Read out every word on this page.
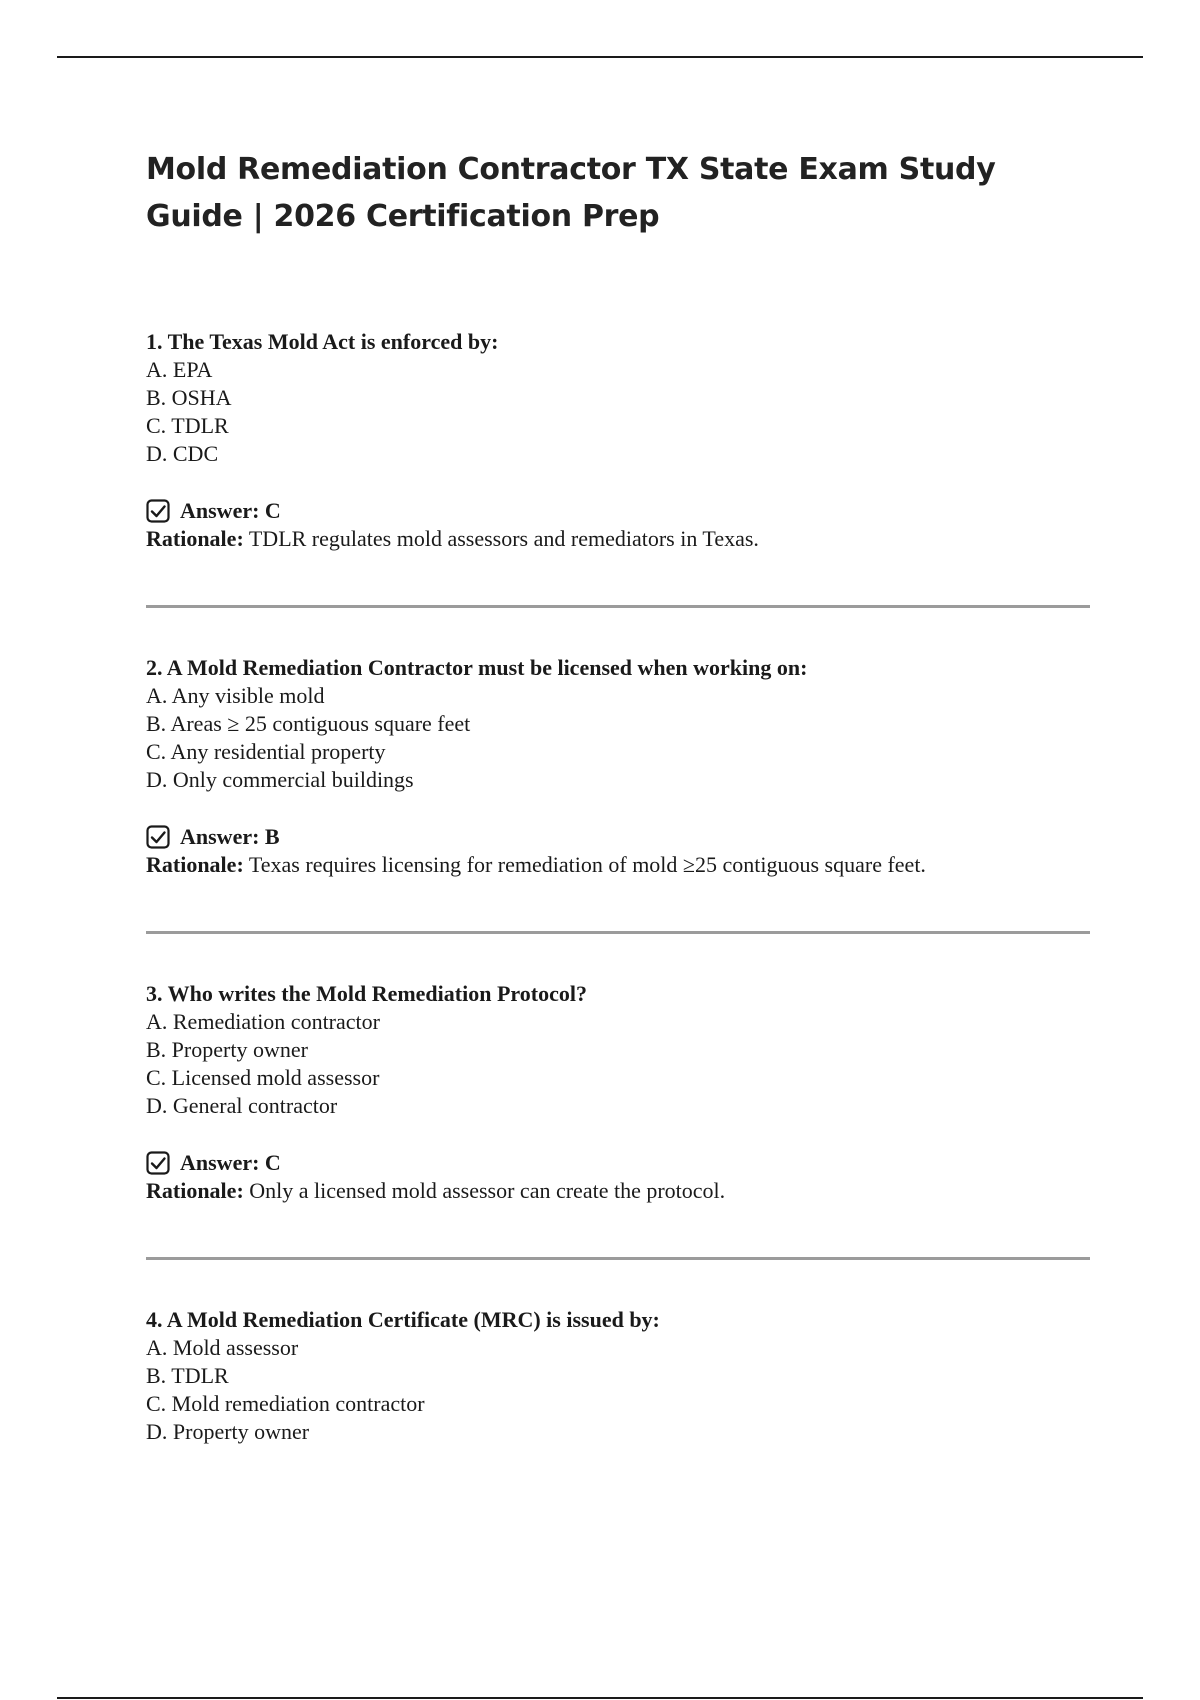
Mold Remediation Contractor TX State Exam Study Guide | 2026 Certification Prep
1. The Texas Mold Act is enforced by:
A. EPA
B. OSHA
C. TDLR
D. CDC
Answer: C
Rationale: TDLR regulates mold assessors and remediators in Texas.
2. A Mold Remediation Contractor must be licensed when working on:
A. Any visible mold
B. Areas ≥ 25 contiguous square feet
C. Any residential property
D. Only commercial buildings
Answer: B
Rationale: Texas requires licensing for remediation of mold ≥25 contiguous square feet.
3. Who writes the Mold Remediation Protocol?
A. Remediation contractor
B. Property owner
C. Licensed mold assessor
D. General contractor
Answer: C
Rationale: Only a licensed mold assessor can create the protocol.
4. A Mold Remediation Certificate (MRC) is issued by:
A. Mold assessor
B. TDLR
C. Mold remediation contractor
D. Property owner
